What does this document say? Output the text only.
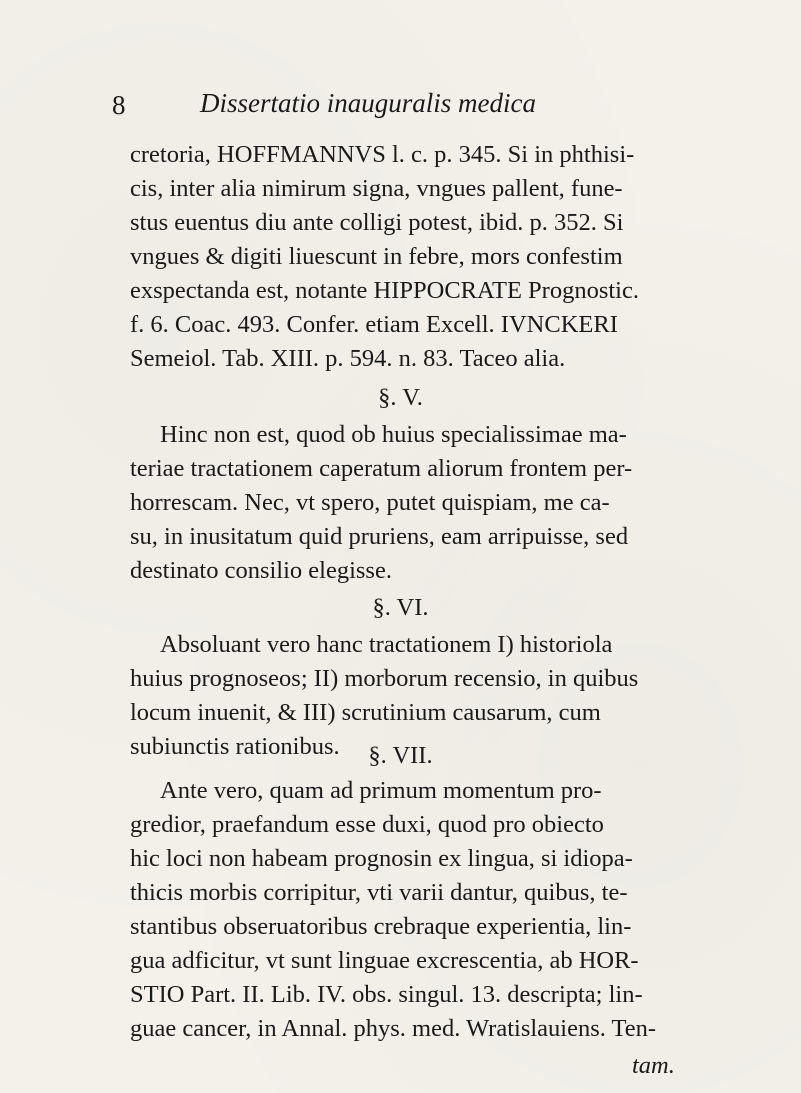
8	Dissertatio inauguralis medica
cretoria, HOFFMANNVS l. c. p. 345. Si in phthisi-
cis, inter alia nimirum signa, vngues pallent, fune-
stus euentus diu ante colligi potest, ibid. p. 352. Si
vngues & digiti liuescunt in febre, mors confestim
exspectanda est, notante HIPPOCRATE Prognostic.
f. 6. Coac. 493. Confer. etiam Excell. IVNCKERI
Semeiol. Tab. XIII. p. 594. n. 83. Taceo alia.
§. V.
Hinc non est, quod ob huius specialissimae ma-
teriae tractationem caperatum aliorum frontem per-
horrescam. Nec, vt spero, putet quispiam, me ca-
su, in inusitatum quid pruriens, eam arripuisse, sed
destinato consilio elegisse.
§. VI.
Absoluant vero hanc tractationem I) historiola
huius prognoseos; II) morborum recensio, in quibus
locum inuenit, & III) scrutinium causarum, cum
subiunctis rationibus.	§. VII.
Ante vero, quam ad primum momentum pro-
gredior, praefandum esse duxi, quod pro obiecto
hic loci non habeam prognosin ex lingua, si idiopa-
thicis morbis corripitur, vti varii dantur, quibus, te-
stantibus obseruatoribus crebraque experientia, lin-
gua adficitur, vt sunt linguae excrescentia, ab HOR-
STIO Part. II. Lib. IV. obs. singul. 13. descripta; lin-
guae cancer, in Annal. phys. med. Wratislauiens. Ten-
tam.
